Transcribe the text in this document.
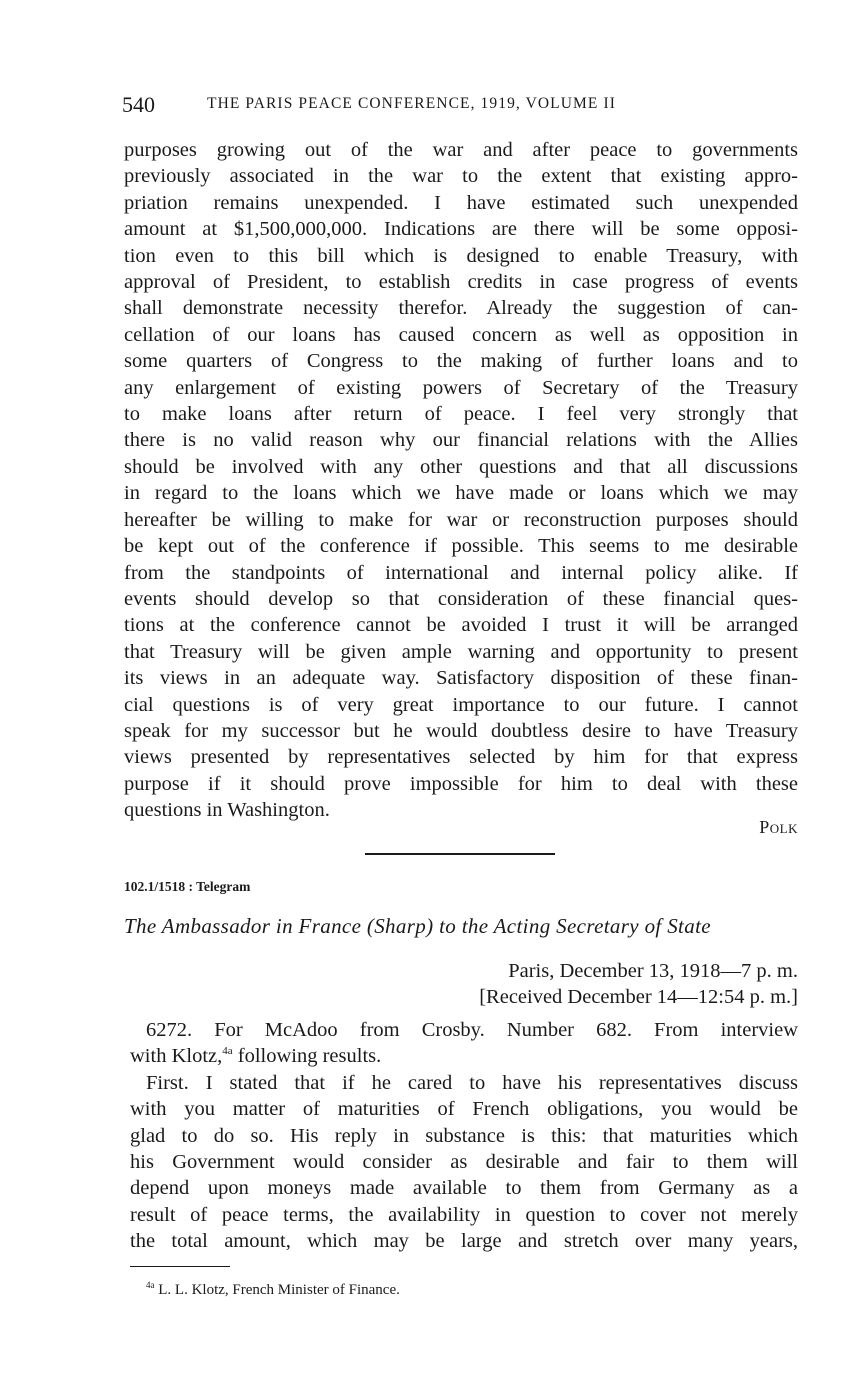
540	THE PARIS PEACE CONFERENCE, 1919, VOLUME II
purposes growing out of the war and after peace to governments
previously associated in the war to the extent that existing appro-
priation remains unexpended. I have estimated such unexpended
amount at $1,500,000,000. Indications are there will be some opposi-
tion even to this bill which is designed to enable Treasury, with
approval of President, to establish credits in case progress of events
shall demonstrate necessity therefor. Already the suggestion of can-
cellation of our loans has caused concern as well as opposition in
some quarters of Congress to the making of further loans and to
any enlargement of existing powers of Secretary of the Treasury
to make loans after return of peace. I feel very strongly that
there is no valid reason why our financial relations with the Allies
should be involved with any other questions and that all discussions
in regard to the loans which we have made or loans which we may
hereafter be willing to make for war or reconstruction purposes should
be kept out of the conference if possible. This seems to me desirable
from the standpoints of international and internal policy alike. If
events should develop so that consideration of these financial ques-
tions at the conference cannot be avoided I trust it will be arranged
that Treasury will be given ample warning and opportunity to present
its views in an adequate way. Satisfactory disposition of these finan-
cial questions is of very great importance to our future. I cannot
speak for my successor but he would doubtless desire to have Treasury
views presented by representatives selected by him for that express
purpose if it should prove impossible for him to deal with these
questions in Washington.
Polk
102.1/1518 : Telegram
The Ambassador in France (Sharp) to the Acting Secretary of State
Paris, December 13, 1918—7 p. m.
[Received December 14—12:54 p. m.]
6272. For McAdoo from Crosby. Number 682. From interview
with Klotz,$^{4a}$ following results.
First. I stated that if he cared to have his representatives discuss
with you matter of maturities of French obligations, you would be
glad to do so. His reply in substance is this: that maturities which
his Government would consider as desirable and fair to them will
depend upon moneys made available to them from Germany as a
result of peace terms, the availability in question to cover not merely
the total amount, which may be large and stretch over many years,
$^{4a}$ L. L. Klotz, French Minister of Finance.
